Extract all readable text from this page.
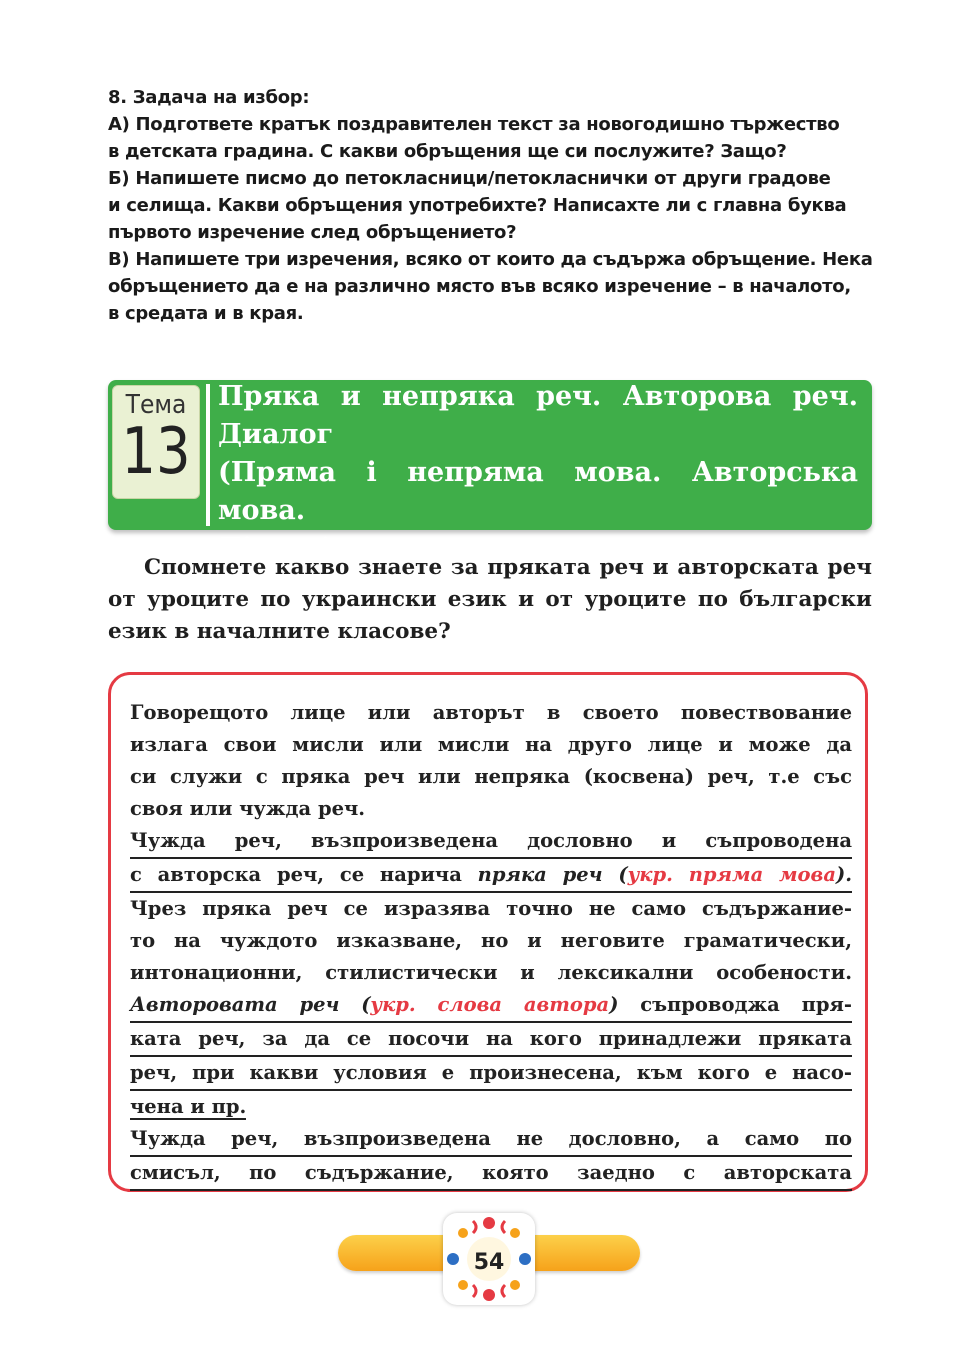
8. Задача на избор:

А) Подгответе кратък поздравителен текст за новогодишно тържество

в детската градина. С какви обръщения ще си послужите? Защо?

Б) Напишете писмо до петокласници/петокласнички от други градове

и селища. Какви обръщения употребихте? Написахте ли с главна буква

първото изречение след обръщението?

В) Напишете три изречения, всяко от които да съдържа обръщение. Нека

обръщението да е на различно място във всяко изречение – в началото,

в средата и в края.

Тема
13
Пряка и непряка реч. Авторова реч.
Диалог
(Пряма і непряма мова. Авторська мова.
Діалог)
Спомнете какво знаете за пряката реч и авторската реч
от уроците по украински език и от уроците по български
език в началните класове?
Говорещото лице или авторът в своето повествование
излага свои мисли или мисли на друго лице и може да
си служи с пряка реч или непряка (косвена) реч, т.е със
своя или чужда реч.
Чужда реч, възпроизведена дословно и съпроводена
с авторска реч, се нарича пряка реч (укр. пряма мова).
Чрез пряка реч се изразява точно не само съдържание-
то на чуждото изказване, но и неговите граматически,
интонационни, стилистически и лексикални особености.
Авторовата реч (укр. слова автора) съпроводжа пря-
ката реч, за да се посочи на кого принадлежи пряката
реч, при какви условия е произнесена, към кого е насо-
чена и пр.
Чужда реч, възпроизведена не дословно, а само по
смисъл, по съдържание, която заедно с авторската
54
